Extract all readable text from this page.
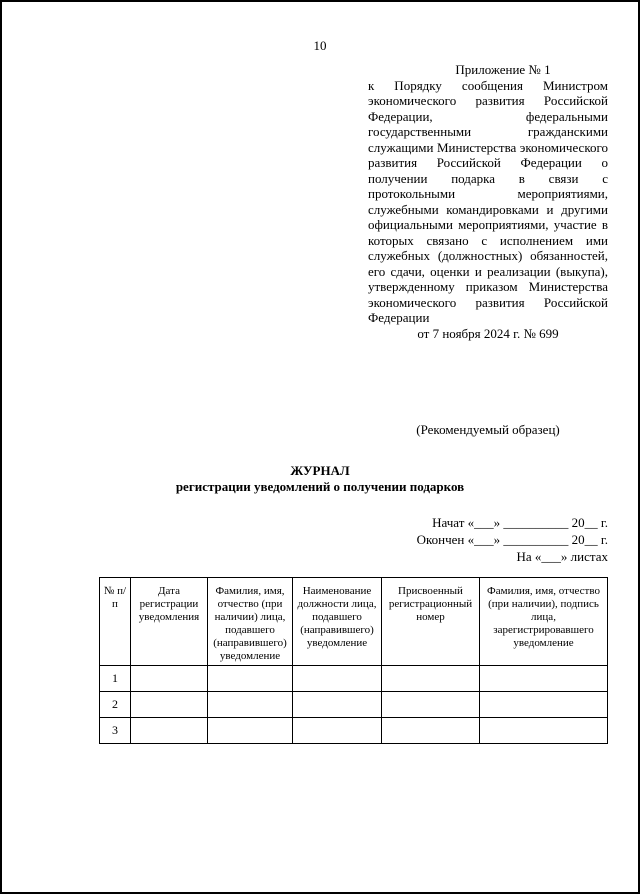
10
Приложение № 1
к Порядку сообщения Министром экономического развития Российской Федерации, федеральными государственными гражданскими служащими Министерства экономического развития Российской Федерации о получении подарка в связи с протокольными мероприятиями, служебными командировками и другими официальными мероприятиями, участие в которых связано с исполнением ими служебных (должностных) обязанностей, его сдачи, оценки и реализации (выкупа), утвержденному приказом Министерства экономического развития Российской Федерации
от 7 ноября 2024 г. № 699
(Рекомендуемый образец)
ЖУРНАЛ
регистрации уведомлений о получении подарков
Начат «___» __________ 20__ г.
Окончен «___» __________ 20__ г.
На «___» листах
№ п/п	Дата регистрации уведомления	Фамилия, имя, отчество (при наличии) лица, подавшего (направившего) уведомление	Наименование должности лица, подавшего (направившего) уведомление	Присвоенный регистрационный номер	Фамилия, имя, отчество (при наличии), подпись лица, зарегистрировавшего уведомление
1					
2					
3					
